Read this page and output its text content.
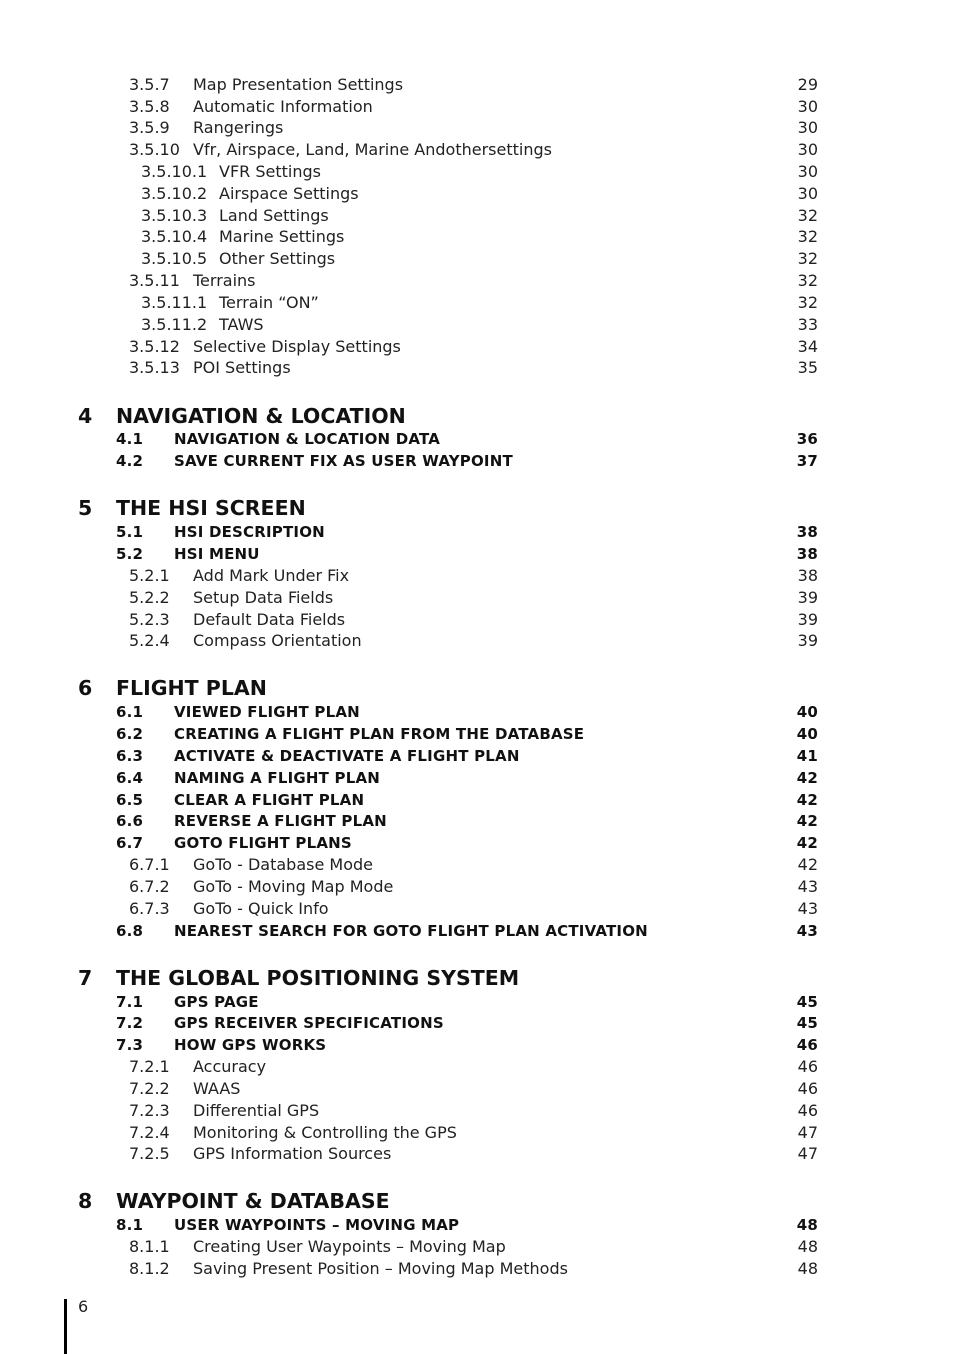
3.5.7 Map Presentation Settings	29
3.5.8 Automatic Information	30
3.5.9 Rangerings	30
3.5.10 Vfr, Airspace, Land, Marine Andothersettings	30
3.5.10.1 VFR Settings	30
3.5.10.2 Airspace Settings	30
3.5.10.3 Land Settings	32
3.5.10.4 Marine Settings	32
3.5.10.5 Other Settings	32
3.5.11 Terrains	32
3.5.11.1 Terrain “ON”	32
3.5.11.2 TAWS	33
3.5.12 Selective Display Settings	34
3.5.13 POI Settings	35
4 NAVIGATION & LOCATION
4.1 NAVIGATION & LOCATION DATA	36
4.2 SAVE CURRENT FIX AS USER WAYPOINT	37
5 THE HSI SCREEN
5.1 HSI DESCRIPTION	38
5.2 HSI MENU	38
5.2.1 Add Mark Under Fix	38
5.2.2 Setup Data Fields	39
5.2.3 Default Data Fields	39
5.2.4 Compass Orientation	39
6 FLIGHT PLAN
6.1 VIEWED FLIGHT PLAN	40
6.2 CREATING A FLIGHT PLAN FROM THE DATABASE	40
6.3 ACTIVATE & DEACTIVATE A FLIGHT PLAN	41
6.4 NAMING A FLIGHT PLAN	42
6.5 CLEAR A FLIGHT PLAN	42
6.6 REVERSE A FLIGHT PLAN	42
6.7 GOTO FLIGHT PLANS	42
6.7.1 GoTo - Database Mode	42
6.7.2 GoTo - Moving Map Mode	43
6.7.3 GoTo - Quick Info	43
6.8 NEAREST SEARCH FOR GOTO FLIGHT PLAN ACTIVATION	43
7 THE GLOBAL POSITIONING SYSTEM
7.1 GPS PAGE	45
7.2 GPS RECEIVER SPECIFICATIONS	45
7.3 HOW GPS WORKS	46
7.2.1 Accuracy	46
7.2.2 WAAS	46
7.2.3 Differential GPS	46
7.2.4 Monitoring & Controlling the GPS	47
7.2.5 GPS Information Sources	47
8 WAYPOINT & DATABASE
8.1 USER WAYPOINTS – MOVING MAP	48
8.1.1 Creating User Waypoints – Moving Map	48
8.1.2 Saving Present Position – Moving Map Methods	48
6
